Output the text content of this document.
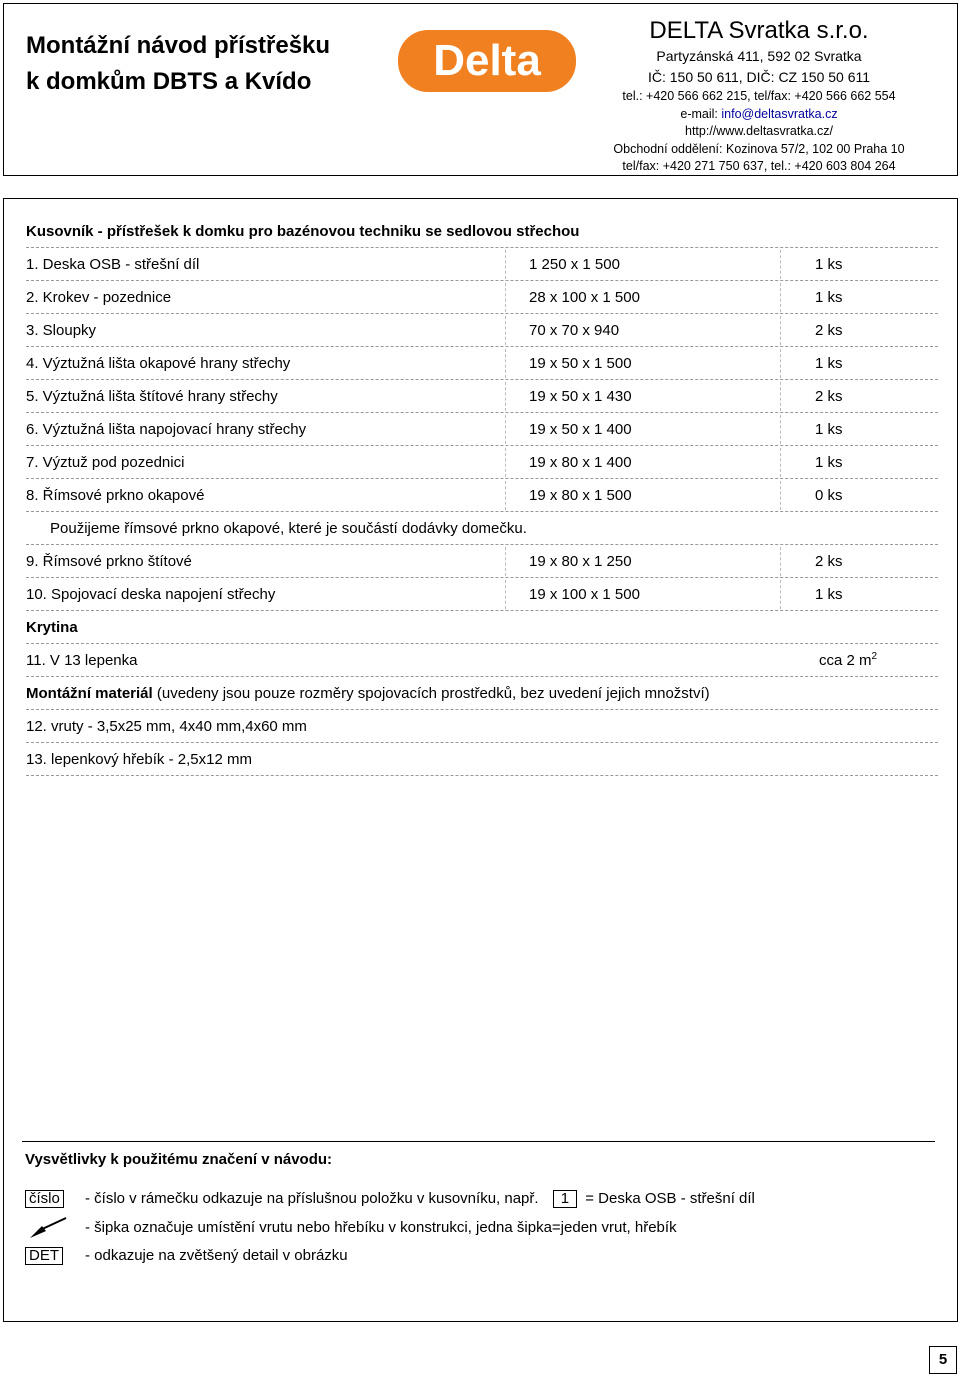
Montážní návod přístřešku
k domkům DBTS a Kvído	Delta
DELTA Svratka s.r.o.
Partyzánská 411, 592 02 Svratka
IČ: 150 50 611, DIČ: CZ 150 50 611
tel.: +420 566 662 215, tel/fax: +420 566 662 554
e-mail: info@deltasvratka.cz
http://www.deltasvratka.cz/
Obchodní oddělení: Kozinova 57/2, 102 00 Praha 10
tel/fax: +420 271 750 637, tel.: +420 603 804 264
Kusovník - přístřešek k domku pro bazénovou techniku se sedlovou střechou
1. Deska OSB - střešní díl	1 250 x 1 500	1 ks
2. Krokev - pozednice	28 x 100 x 1 500	1 ks
3. Sloupky	70 x 70 x 940	2 ks
4. Výztužná lišta okapové hrany střechy	19 x 50 x 1 500	1 ks
5. Výztužná lišta štítové hrany střechy	19 x 50 x 1 430	2 ks
6. Výztužná lišta napojovací hrany střechy	19 x 50 x 1 400	1 ks
7. Výztuž pod pozednici	19 x 80 x 1 400	1 ks
8. Římsové prkno okapové	19 x 80 x 1 500	0 ks
Použijeme římsové prkno okapové, které je součástí dodávky domečku.
9. Římsové prkno štítové	19 x 80 x 1 250	2 ks
10. Spojovací deska napojení střechy	19 x 100 x 1 500	1 ks
Krytina
11. V 13 lepenka	cca 2 $m^2$
Montážní materiál (uvedeny jsou pouze rozměry spojovacích prostředků, bez uvedení jejich množství)
12. vruty - 3,5x25 mm, 4x40 mm,4x60 mm
13. lepenkový hřebík - 2,5x12 mm
Vysvětlivky k použitému značení v návodu:
číslo - číslo v rámečku odkazuje na příslušnou položku v kusovníku, např. 1 = Deska OSB - střešní díl
- šipka označuje umístění vrutu nebo hřebíku v konstrukci, jedna šipka=jeden vrut, hřebík
DET - odkazuje na zvětšený detail v obrázku
5
